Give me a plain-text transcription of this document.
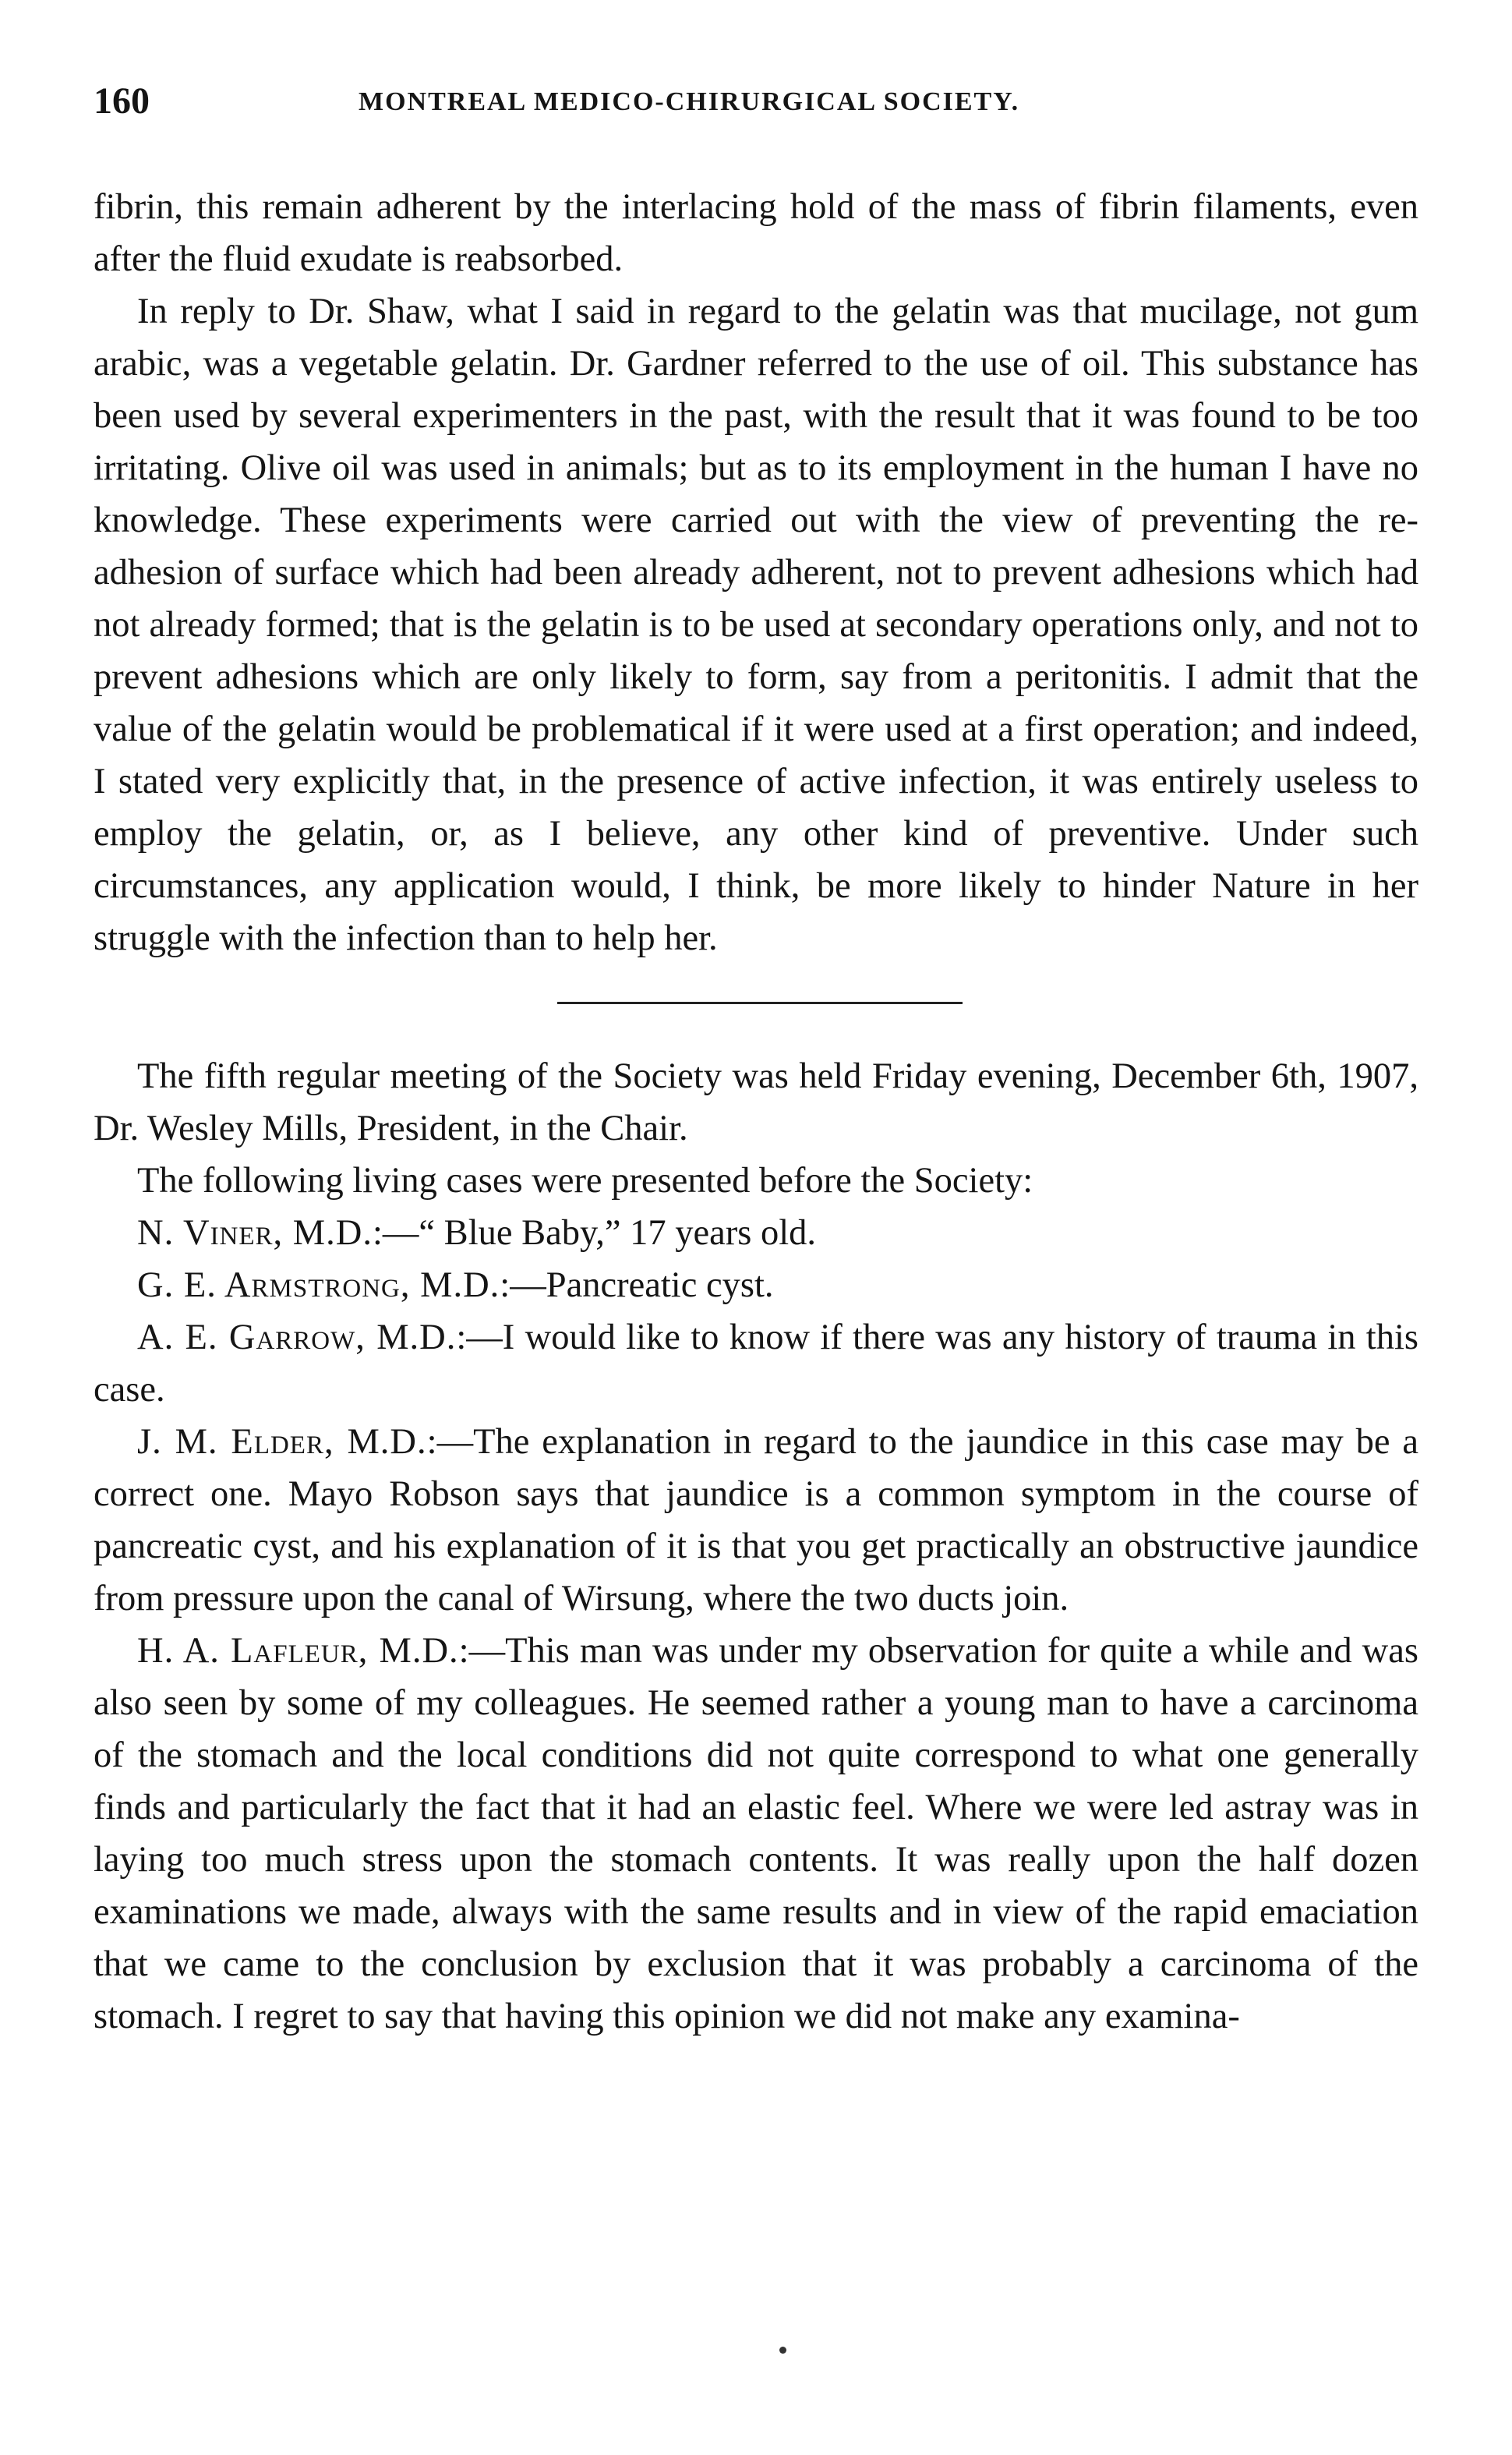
160	MONTREAL MEDICO-CHIRURGICAL SOCIETY.

fibrin, this remain adherent by the interlacing hold of the mass of fibrin filaments, even after the fluid exudate is reabsorbed.

In reply to Dr. Shaw, what I said in regard to the gelatin was that mucilage, not gum arabic, was a vegetable gelatin. Dr. Gardner referred to the use of oil. This substance has been used by several experimenters in the past, with the result that it was found to be too irritating. Olive oil was used in animals; but as to its employment in the human I have no knowledge. These experiments were carried out with the view of preventing the re-adhesion of surface which had been already adherent, not to prevent adhesions which had not already formed; that is the gelatin is to be used at secondary operations only, and not to prevent adhesions which are only likely to form, say from a peritonitis. I admit that the value of the gelatin would be problematical if it were used at a first operation; and indeed, I stated very explicitly that, in the presence of active infection, it was entirely useless to employ the gelatin, or, as I believe, any other kind of preventive. Under such circumstances, any application would, I think, be more likely to hinder Nature in her struggle with the infection than to help her.

The fifth regular meeting of the Society was held Friday evening, December 6th, 1907, Dr. Wesley Mills, President, in the Chair.

The following living cases were presented before the Society:

N. Viner, M.D.:—“ Blue Baby,” 17 years old.

G. E. Armstrong, M.D.:—Pancreatic cyst.

A. E. Garrow, M.D.:—I would like to know if there was any history of trauma in this case.

J. M. Elder, M.D.:—The explanation in regard to the jaundice in this case may be a correct one. Mayo Robson says that jaundice is a common symptom in the course of pancreatic cyst, and his explanation of it is that you get practically an obstructive jaundice from pressure upon the canal of Wirsung, where the two ducts join.

H. A. Lafleur, M.D.:—This man was under my observation for quite a while and was also seen by some of my colleagues. He seemed rather a young man to have a carcinoma of the stomach and the local conditions did not quite correspond to what one generally finds and particularly the fact that it had an elastic feel. Where we were led astray was in laying too much stress upon the stomach contents. It was really upon the half dozen examinations we made, always with the same results and in view of the rapid emaciation that we came to the conclusion by exclusion that it was probably a carcinoma of the stomach. I regret to say that having this opinion we did not make any examina-
